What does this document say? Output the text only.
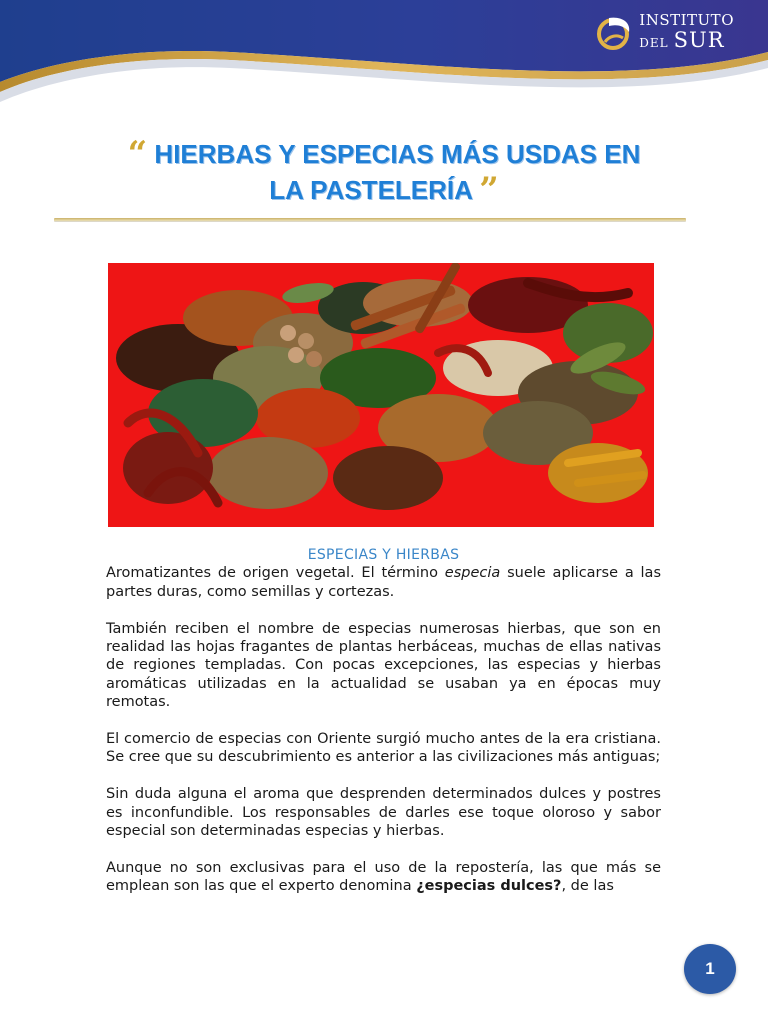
INSTITUTO
DEL SUR
“ HIERBAS Y ESPECIAS MÁS USDAS EN
LA PASTELERÍA ”

ESPECIAS Y HIERBAS

Aromatizantes de origen vegetal. El término especia suele aplicarse a las partes duras, como semillas y cortezas.

También reciben el nombre de especias numerosas hierbas, que son en realidad las hojas fragantes de plantas herbáceas, muchas de ellas nativas de regiones templadas. Con pocas excepciones, las especias y hierbas aromáticas utilizadas en la actualidad se usaban ya en épocas muy remotas.

El comercio de especias con Oriente surgió mucho antes de la era cristiana. Se cree que su descubrimiento es anterior a las civilizaciones más antiguas;

Sin duda alguna el aroma que desprenden determinados dulces y postres es inconfundible. Los responsables de darles ese toque oloroso y sabor especial son determinadas especias y hierbas.

Aunque no son exclusivas para el uso de la repostería, las que más se emplean son las que el experto denomina ¿especias dulces?, de las

1
